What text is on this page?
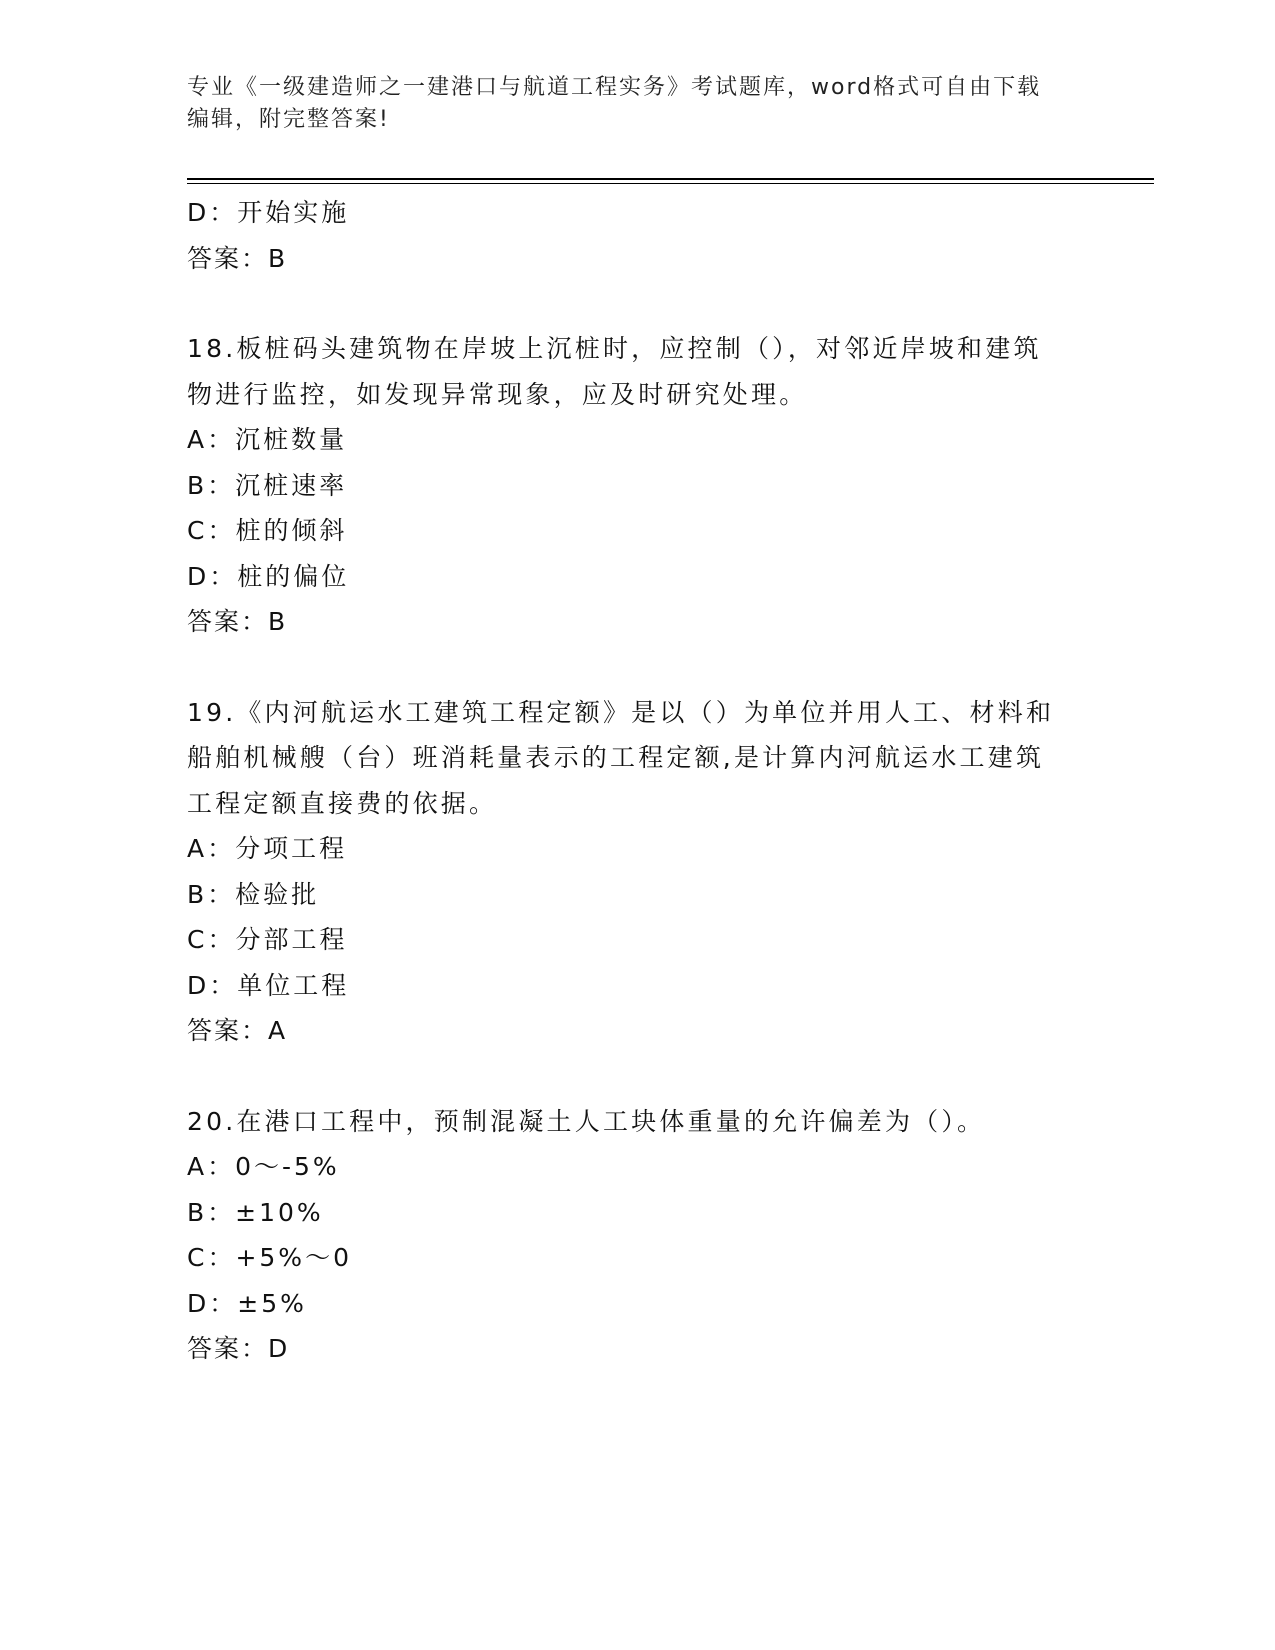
专业《一级建造师之一建港口与航道工程实务》考试题库，word格式可自由下载
编辑，附完整答案!
D：开始实施
答案：B
18.板桩码头建筑物在岸坡上沉桩时，应控制（），对邻近岸坡和建筑
物进行监控，如发现异常现象，应及时研究处理。
A：沉桩数量
B：沉桩速率
C：桩的倾斜
D：桩的偏位
答案：B
19.《内河航运水工建筑工程定额》是以（）为单位并用人工、材料和
船舶机械艘（台）班消耗量表示的工程定额,是计算内河航运水工建筑
工程定额直接费的依据。
A：分项工程
B：检验批
C：分部工程
D：单位工程
答案：A
20.在港口工程中，预制混凝土人工块体重量的允许偏差为（）。
A：0～-5%
B：±10%
C：+5%～0
D：±5%
答案：D
